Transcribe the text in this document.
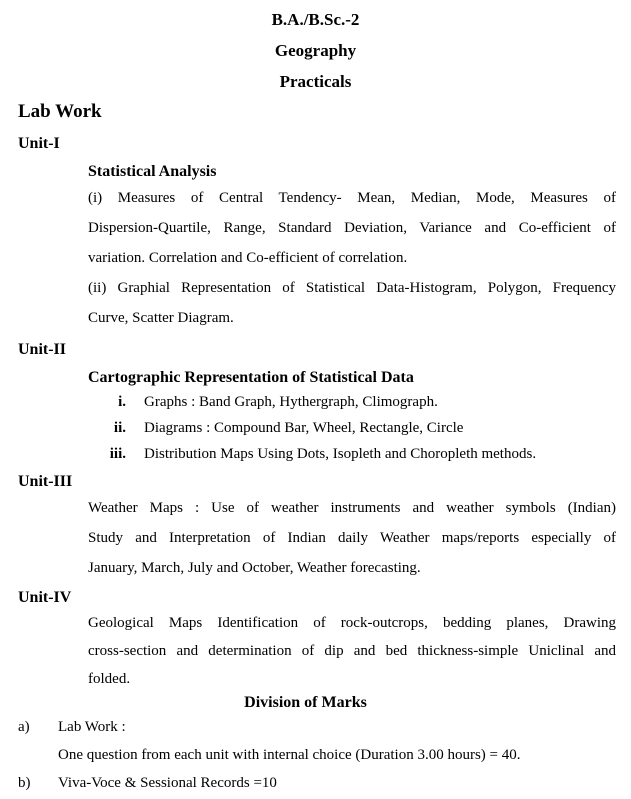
B.A./B.Sc.-2
Geography
Practicals
Lab Work
Unit-I
Statistical Analysis
(i) Measures of Central Tendency- Mean, Median, Mode, Measures of
Dispersion-Quartile, Range, Standard Deviation, Variance and Co-efficient of
variation. Correlation and Co-efficient of correlation.
(ii) Graphial Representation of Statistical Data-Histogram, Polygon, Frequency
Curve, Scatter Diagram.
Unit-II
Cartographic Representation of Statistical Data
i.	Graphs : Band Graph, Hythergraph, Climograph.
ii.	Diagrams : Compound Bar, Wheel, Rectangle, Circle
iii.	Distribution Maps Using Dots, Isopleth and Choropleth methods.
Unit-III
Weather Maps : Use of weather instruments and weather symbols (Indian)
Study and Interpretation of Indian daily Weather maps/reports especially of
January, March, July and October, Weather forecasting.
Unit-IV
Geological Maps Identification of rock-outcrops, bedding planes, Drawing
cross-section and determination of dip and bed thickness-simple Uniclinal and
folded.
Division of Marks
a)	Lab Work :
One question from each unit with internal choice (Duration 3.00 hours) = 40.
b)	Viva-Voce & Sessional Records =10
